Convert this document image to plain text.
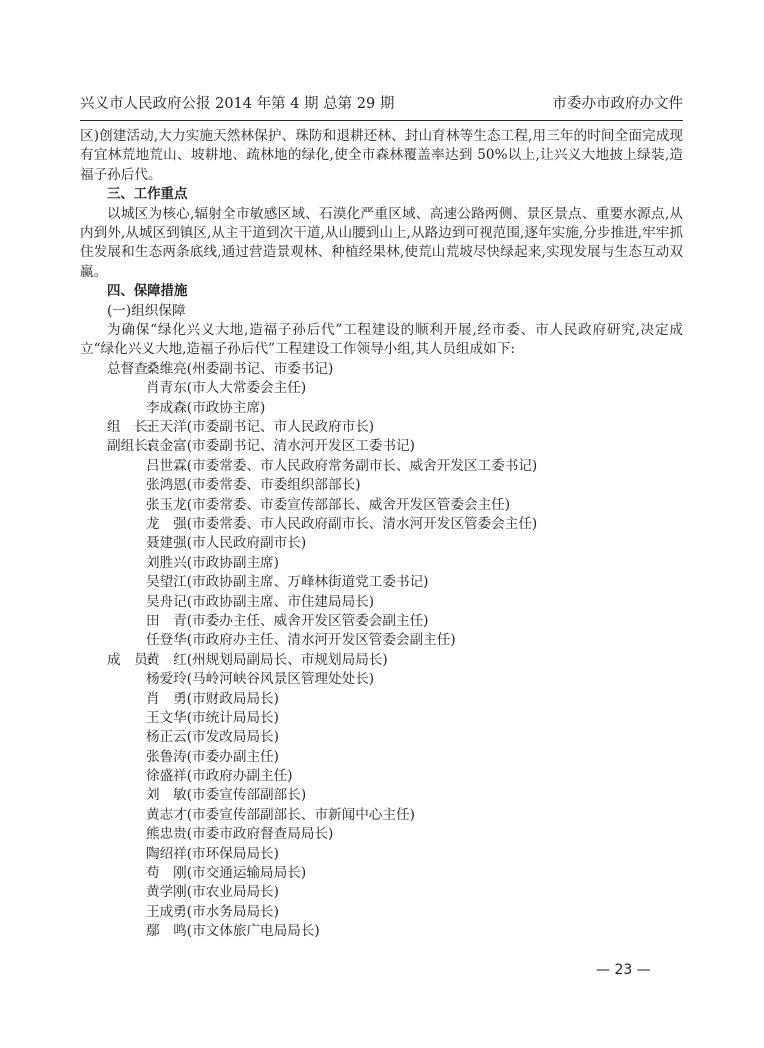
兴义市人民政府公报 2014 年第 4 期 总第 29 期	市委办市政府办文件

区)创建活动,大力实施天然林保护、珠防和退耕还林、封山育林等生态工程,用三年的时间全面完成现有宜林荒地荒山、坡耕地、疏林地的绿化,使全市森林覆盖率达到 50%以上,让兴义大地披上绿装,造福子孙后代。

三、工作重点

以城区为核心,辐射全市敏感区域、石漠化严重区域、高速公路两侧、景区景点、重要水源点,从内到外,从城区到镇区,从主干道到次干道,从山腰到山上,从路边到可视范围,逐年实施,分步推进,牢牢抓住发展和生态两条底线,通过营造景观林、种植经果林,使荒山荒坡尽快绿起来,实现发展与生态互动双赢。

四、保障措施

(一)组织保障

为确保“绿化兴义大地,造福子孙后代”工程建设的顺利开展,经市委、市人民政府研究,决定成立“绿化兴义大地,造福子孙后代”工程建设工作领导小组,其人员组成如下:

总督查:
桑维亮(州委副书记、市委书记)
肖青东(市人大常委会主任)
李成森(市政协主席)
组　长:
王天洋(市委副书记、市人民政府市长)
副组长:
袁金富(市委副书记、清水河开发区工委书记)
吕世霖(市委常委、市人民政府常务副市长、威舍开发区工委书记)
张鸿恩(市委常委、市委组织部部长)
张玉龙(市委常委、市委宣传部部长、威舍开发区管委会主任)
龙　强(市委常委、市人民政府副市长、清水河开发区管委会主任)
聂建强(市人民政府副市长)
刘胜兴(市政协副主席)
吴望江(市政协副主席、万峰林街道党工委书记)
吴舟记(市政协副主席、市住建局局长)
田　青(市委办主任、威舍开发区管委会副主任)
任登华(市政府办主任、清水河开发区管委会副主任)
成　员:
黄　红(州规划局副局长、市规划局局长)
杨爱玲(马岭河峡谷风景区管理处处长)
肖　勇(市财政局局长)
王文华(市统计局局长)
杨正云(市发改局局长)
张鲁涛(市委办副主任)
徐盛祥(市政府办副主任)
刘　敏(市委宣传部副部长)
黄志才(市委宣传部副部长、市新闻中心主任)
熊忠贵(市委市政府督查局局长)
陶绍祥(市环保局局长)
苟　刚(市交通运输局局长)
黄学刚(市农业局局长)
王成勇(市水务局局长)
鄢　鸣(市文体旅广电局局长)
— 23 —
